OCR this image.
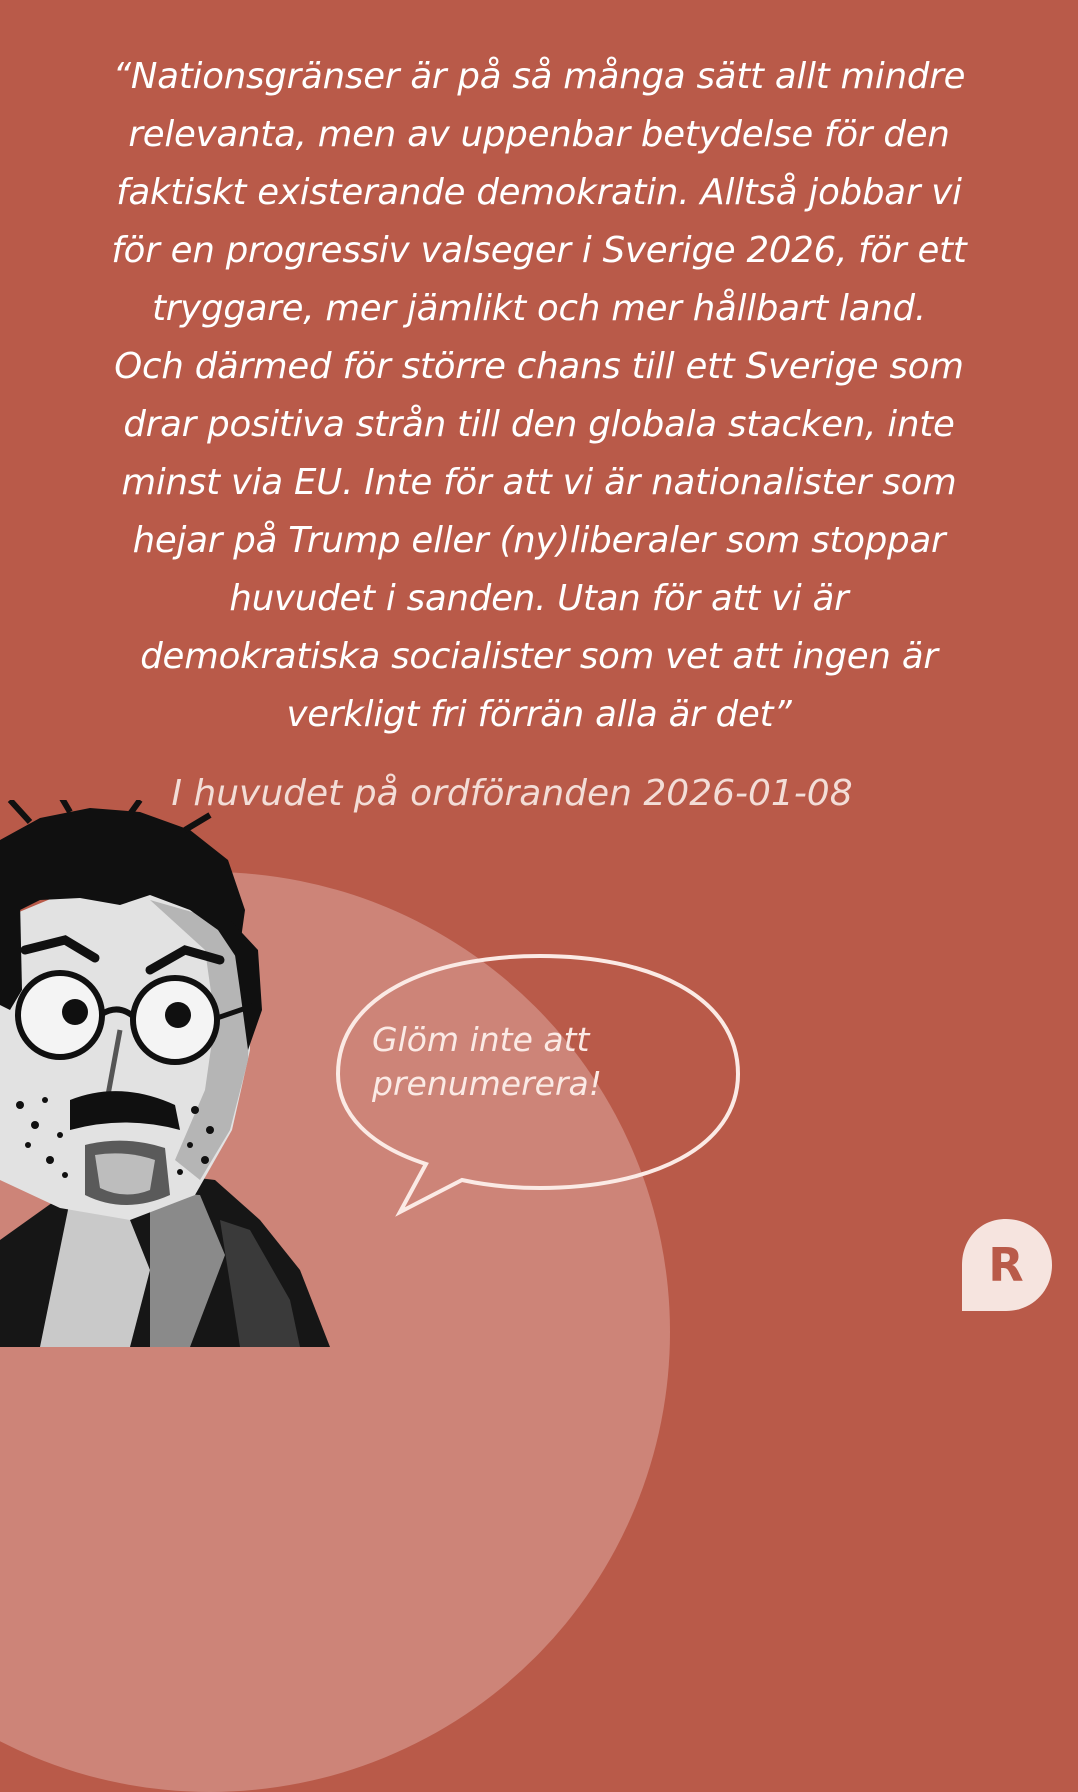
“Nationsgränser är på så många sätt allt mindre
relevanta, men av uppenbar betydelse för den
faktiskt existerande demokratin. Alltså jobbar vi
för en progressiv valseger i Sverige 2026, för ett
tryggare, mer jämlikt och mer hållbart land.
Och därmed för större chans till ett Sverige som
drar positiva strån till den globala stacken, inte
minst via EU. Inte för att vi är nationalister som
hejar på Trump eller (ny)liberaler som stoppar
huvudet i sanden. Utan för att vi är
demokratiska socialister som vet att ingen är
verkligt fri förrän alla är det”
I huvudet på ordföranden 2026-01-08
Glöm inte att
prenumerera!
R
